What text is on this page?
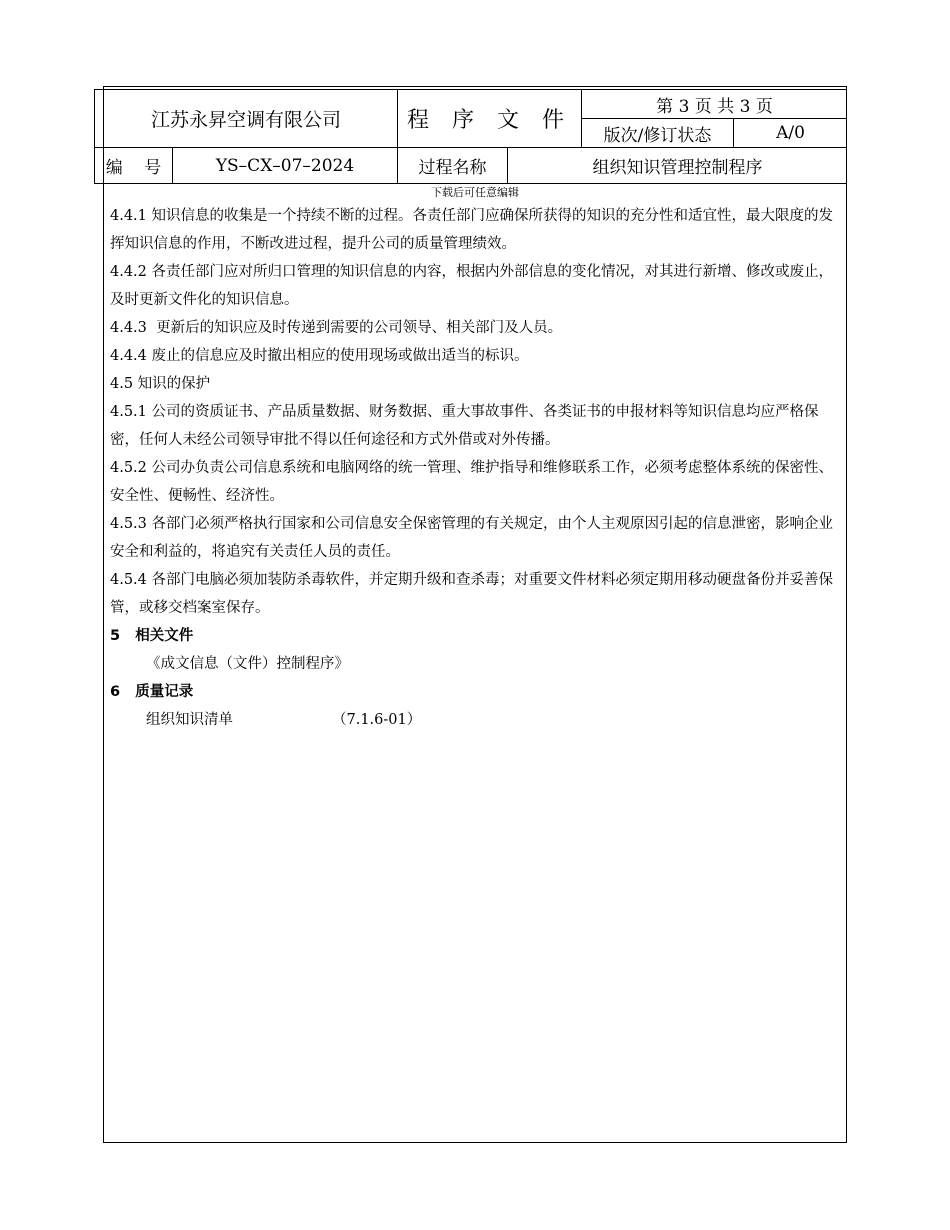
江苏永昇空调有限公司	程 序 文 件
第 3 页 共 3 页
版次/修订状态	A/0
编    号	YS–CX–07–2024	过程名称	组织知识管理控制程序
下载后可任意编辑

4.4.1 知识信息的收集是一个持续不断的过程。各责任部门应确保所获得的知识的充分性和适宜性，最大限度的发挥知识信息的作用，不断改进过程，提升公司的质量管理绩效。

4.4.2 各责任部门应对所归口管理的知识信息的内容，根据内外部信息的变化情况，对其进行新增、修改或废止，及时更新文件化的知识信息。

4.4.3  更新后的知识应及时传递到需要的公司领导、相关部门及人员。

4.4.4 废止的信息应及时撤出相应的使用现场或做出适当的标识。

4.5 知识的保护

4.5.1 公司的资质证书、产品质量数据、财务数据、重大事故事件、各类证书的申报材料等知识信息均应严格保密，任何人未经公司领导审批不得以任何途径和方式外借或对外传播。

4.5.2 公司办负责公司信息系统和电脑网络的统一管理、维护指导和维修联系工作，必须考虑整体系统的保密性、安全性、便畅性、经济性。

4.5.3 各部门必须严格执行国家和公司信息安全保密管理的有关规定，由个人主观原因引起的信息泄密，影响企业安全和利益的，将追究有关责任人员的责任。

4.5.4 各部门电脑必须加装防杀毒软件，并定期升级和查杀毒；对重要文件材料必须定期用移动硬盘备份并妥善保管，或移交档案室保存。

5   相关文件

《成文信息（文件）控制程序》

6   质量记录

组织知识清单	（7.1.6-01）
